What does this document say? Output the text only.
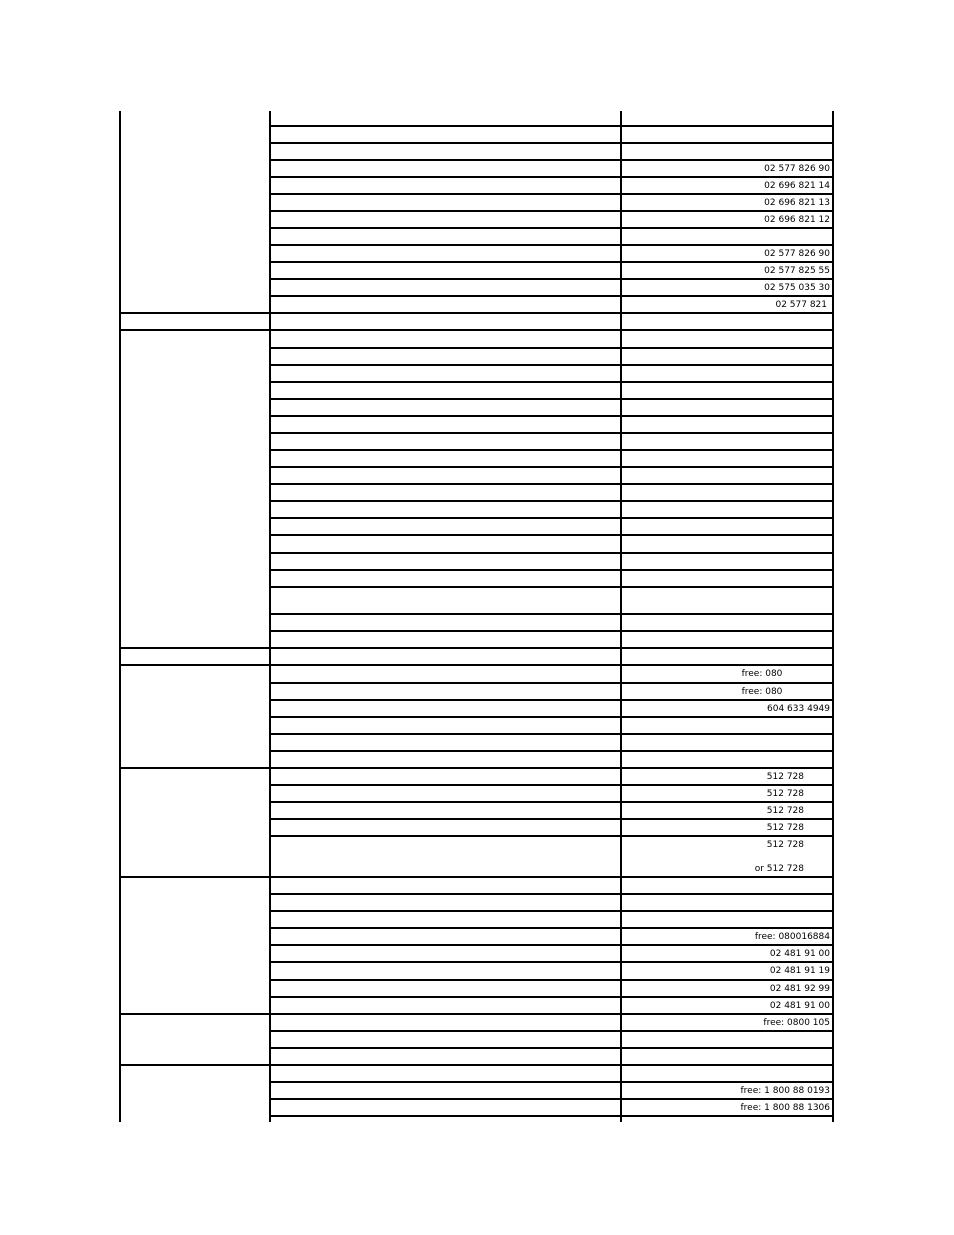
02 577 826 90
02 696 821 14
02 696 821 13
02 696 821 12
02 577 826 90
02 577 825 55
02 575 035 30
02 577 821
free: 080
free: 080
604 633 4949
512 728
512 728
512 728
512 728
512 728
or 512 728
free: 080016884
02 481 91 00
02 481 91 19
02 481 92 99
02 481 91 00
free: 0800 105
free: 1 800 88 0193
free: 1 800 88 1306
